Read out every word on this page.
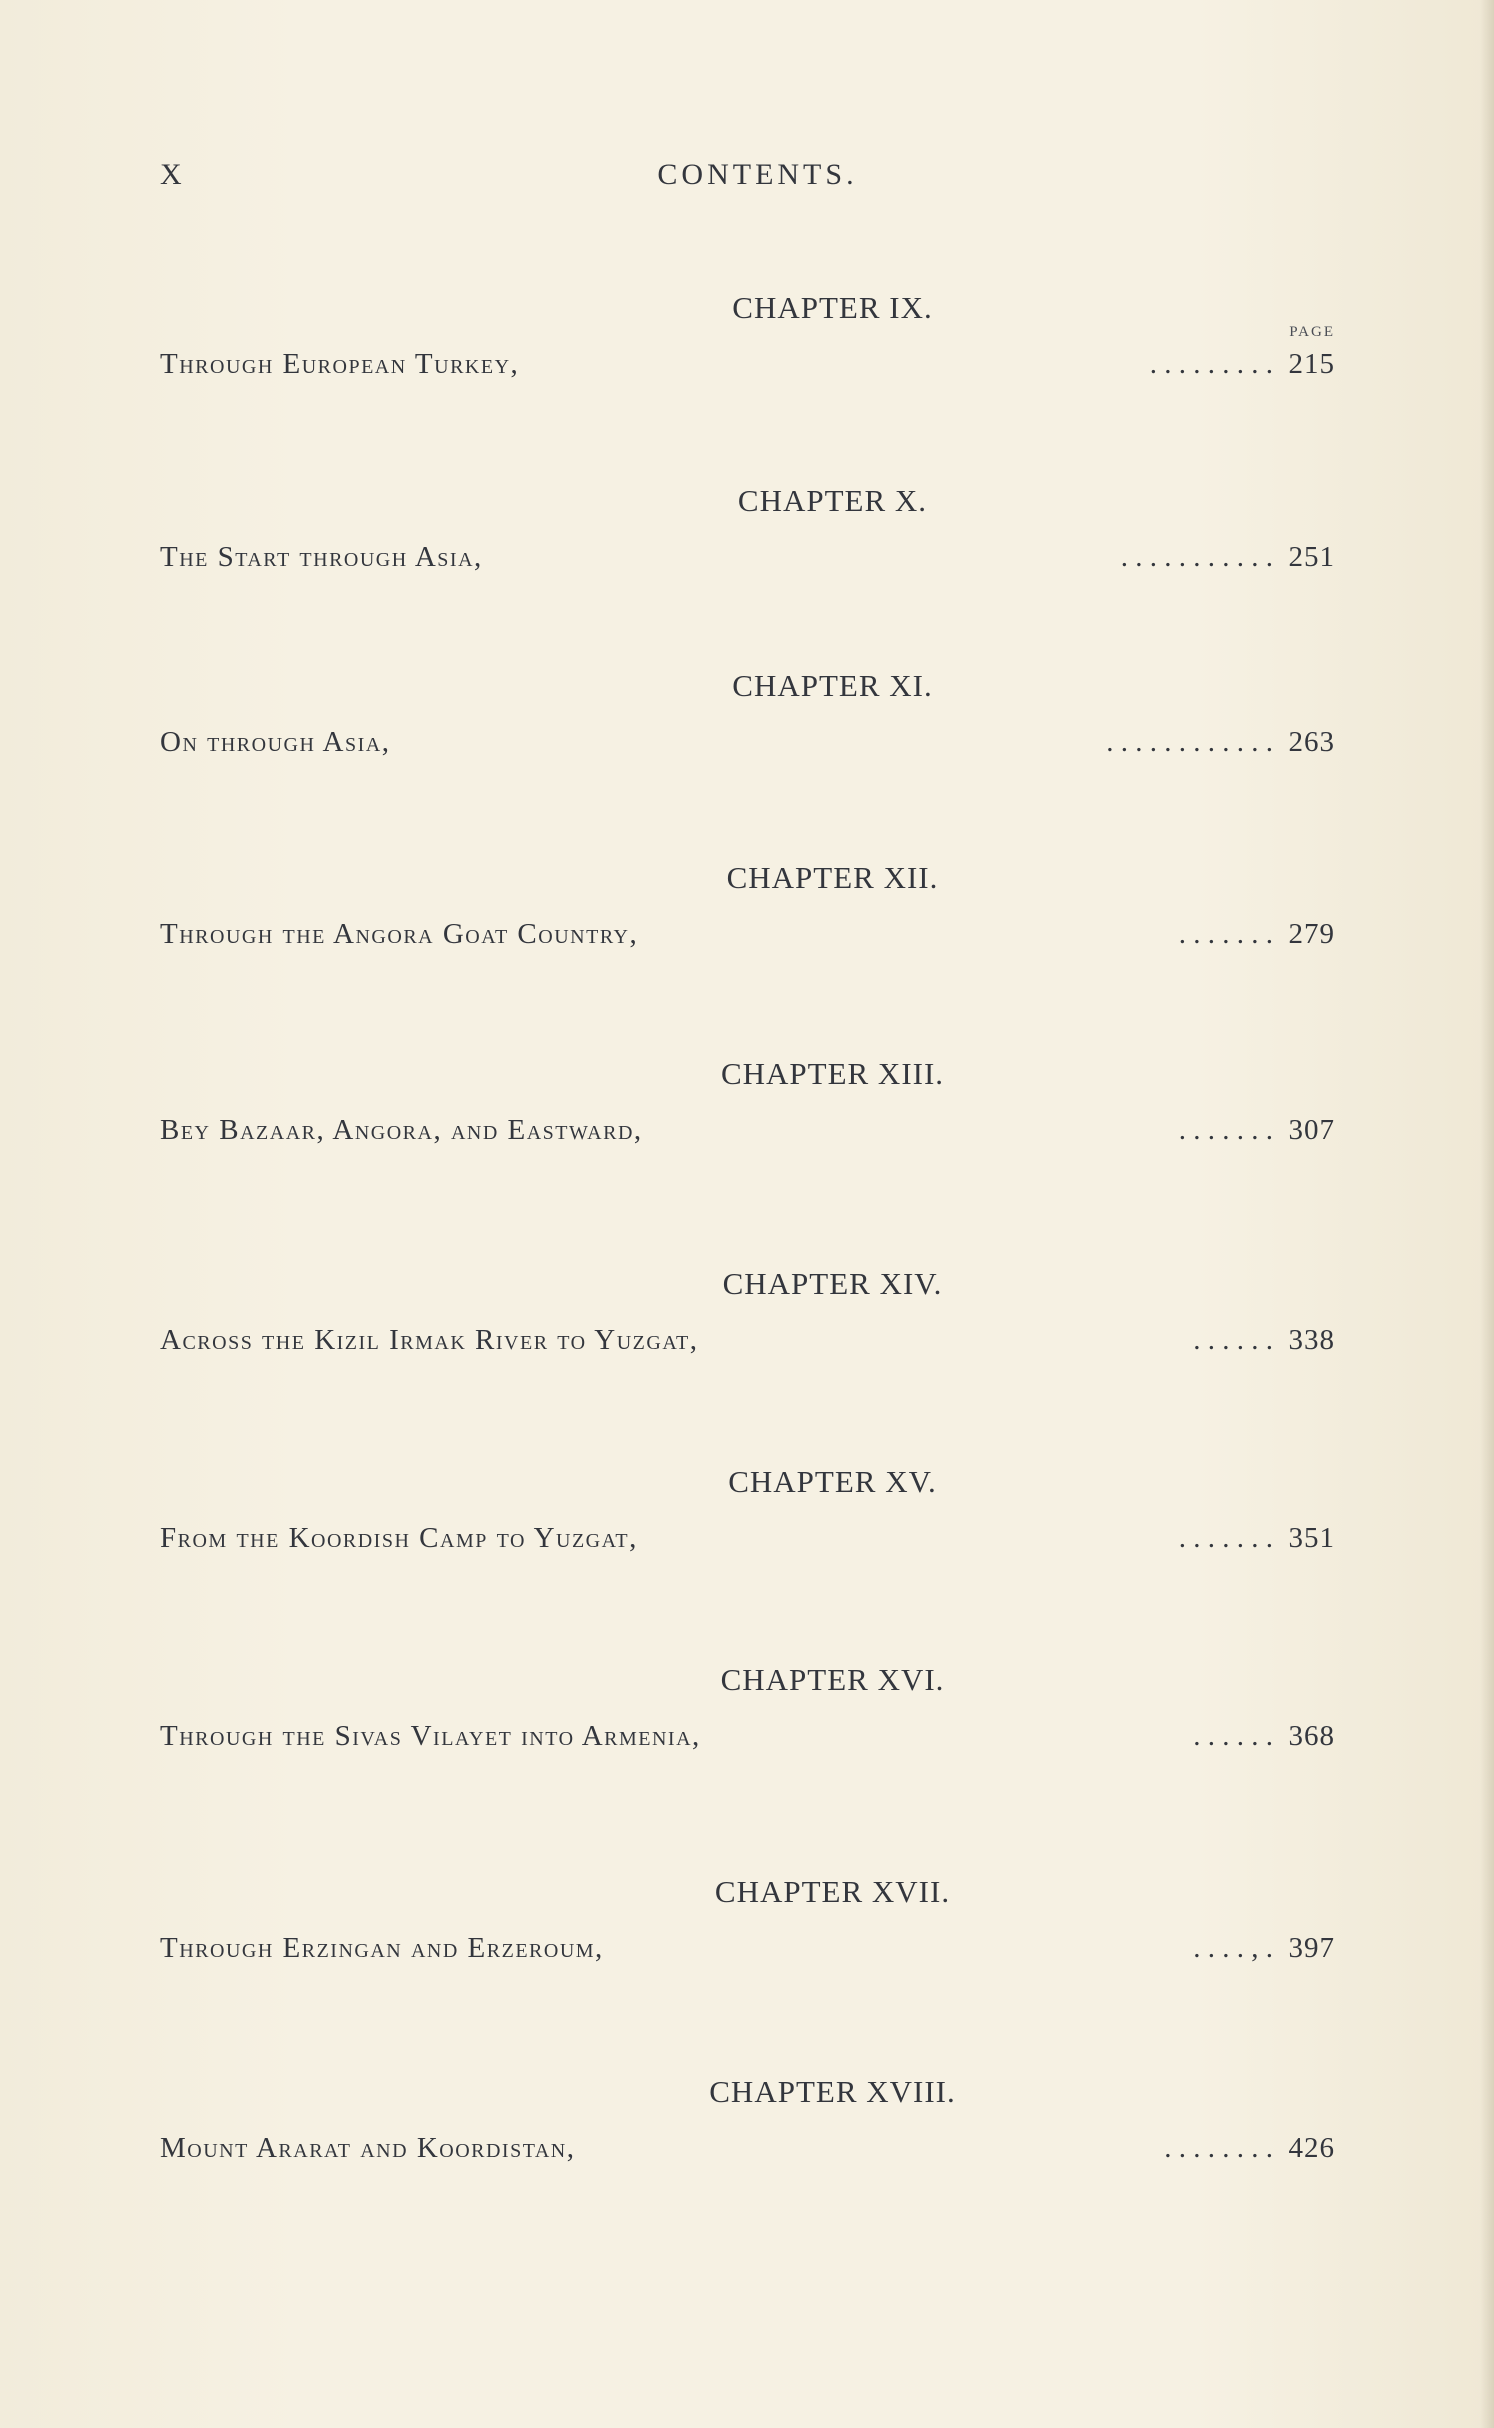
X	CONTENTS.
PAGE
CHAPTER IX.
Through European Turkey,	. . . . . . . . . 215
CHAPTER X.
The Start through Asia,	. . . . . . . . . . . 251
CHAPTER XI.
On through Asia,	. . . . . . . . . . . . 263
CHAPTER XII.
Through the Angora Goat Country,	. . . . . . . 279
CHAPTER XIII.
Bey Bazaar, Angora, and Eastward,	. . . . . . . 307
CHAPTER XIV.
Across the Kizil Irmak River to Yuzgat,	. . . . . . 338
CHAPTER XV.
From the Koordish Camp to Yuzgat,	. . . . . . . 351
CHAPTER XVI.
Through the Sivas Vilayet into Armenia,	. . . . . . 368
CHAPTER XVII.
Through Erzingan and Erzeroum,	. . . . , . 397
CHAPTER XVIII.
Mount Ararat and Koordistan,	. . . . . . . . 426
